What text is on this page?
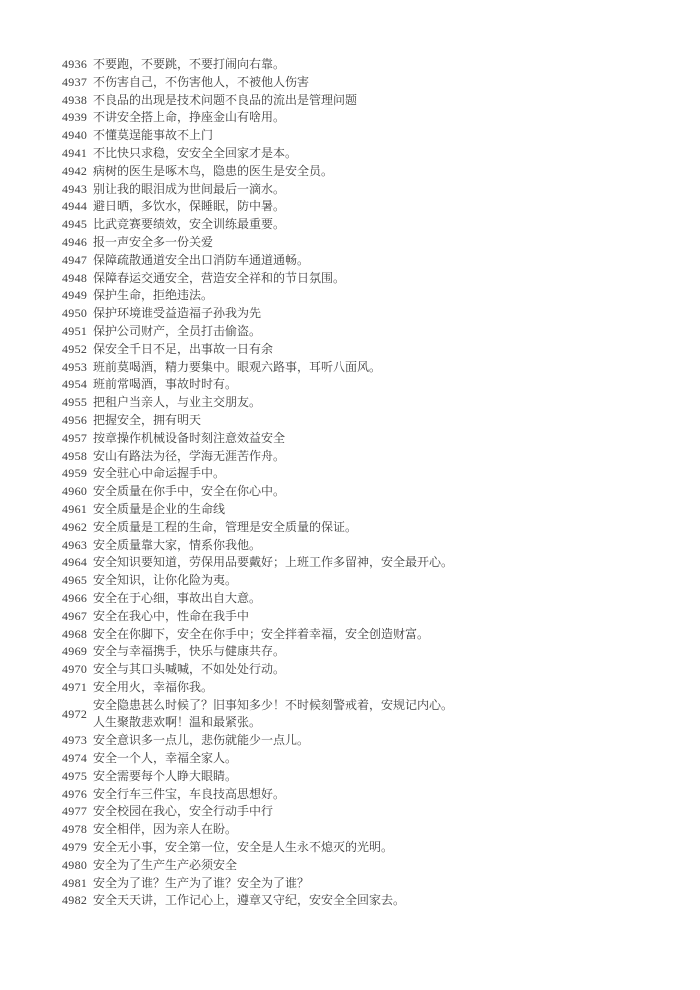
4936 不要跑，不要跳，不要打闹向右靠。
4937 不伤害自己，不伤害他人，不被他人伤害
4938 不良品的出现是技术问题不良品的流出是管理问题
4939 不讲安全搭上命，挣座金山有啥用。
4940 不懂莫逞能事故不上门
4941 不比快只求稳，安安全全回家才是本。
4942 病树的医生是啄木鸟，隐患的医生是安全员。
4943 别让我的眼泪成为世间最后一滴水。
4944 避日晒，多饮水，保睡眠，防中暑。
4945 比武竞赛要绩效，安全训练最重要。
4946 报一声安全多一份关爱
4947 保障疏散通道安全出口消防车通道通畅。
4948 保障春运交通安全，营造安全祥和的节日氛围。
4949 保护生命，拒绝违法。
4950 保护环境谁受益造福子孙我为先
4951 保护公司财产，全员打击偷盗。
4952 保安全千日不足，出事故一日有余
4953 班前莫喝酒，精力要集中。眼观六路事，耳听八面风。
4954 班前常喝酒，事故时时有。
4955 把租户当亲人，与业主交朋友。
4956 把握安全，拥有明天
4957 按章操作机械设备时刻注意效益安全
4958 安山有路法为径，学海无涯苦作舟。
4959 安全驻心中命运握手中。
4960 安全质量在你手中，安全在你心中。
4961 安全质量是企业的生命线
4962 安全质量是工程的生命，管理是安全质量的保证。
4963 安全质量靠大家，情系你我他。
4964 安全知识要知道，劳保用品要戴好；上班工作多留神，安全最开心。
4965 安全知识，让你化险为夷。
4966 安全在于心细，事故出自大意。
4967 安全在我心中，性命在我手中
4968 安全在你脚下，安全在你手中；安全拌着幸福，安全创造财富。
4969 安全与幸福携手，快乐与健康共存。
4970 安全与其口头喊喊，不如处处行动。
4971 安全用火，幸福你我。
4972
安全隐患甚么时候了？旧事知多少！不时候刻警戒着，安规记内心。
人生聚散悲欢啊！温和最紧张。
4973 安全意识多一点儿，悲伤就能少一点儿。
4974 安全一个人，幸福全家人。
4975 安全需要每个人睁大眼睛。
4976 安全行车三件宝，车良技高思想好。
4977 安全校园在我心，安全行动手中行
4978 安全相伴，因为亲人在盼。
4979 安全无小事，安全第一位，安全是人生永不熄灭的光明。
4980 安全为了生产生产必须安全
4981 安全为了谁？生产为了谁？安全为了谁？
4982 安全天天讲，工作记心上，遵章又守纪，安安全全回家去。
